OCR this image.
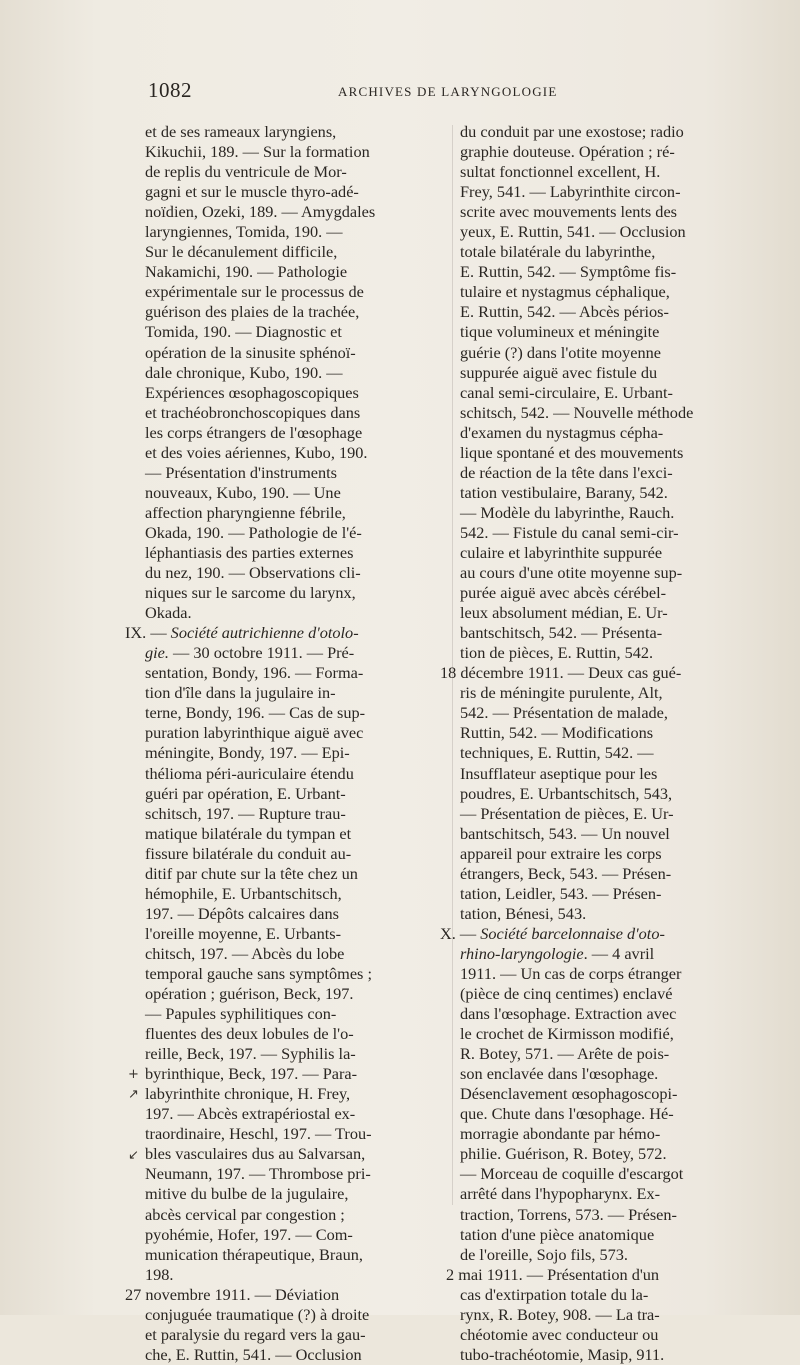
1082	ARCHIVES DE LARYNGOLOGIE
et de ses rameaux laryngiens,
Kikuchii, 189. — Sur la formation
de replis du ventricule de Mor-
gagni et sur le muscle thyro-adé-
noïdien, Ozeki, 189. — Amygdales
laryngiennes, Tomida, 190. —
Sur le décanulement difficile,
Nakamichi, 190. — Pathologie
expérimentale sur le processus de
guérison des plaies de la trachée,
Tomida, 190. — Diagnostic et
opération de la sinusite sphénoï-
dale chronique, Kubo, 190. —
Expériences œsophagoscopiques
et trachéobronchoscopiques dans
les corps étrangers de l'œsophage
et des voies aériennes, Kubo, 190.
— Présentation d'instruments
nouveaux, Kubo, 190. — Une
affection pharyngienne fébrile,
Okada, 190. — Pathologie de l'é-
léphantiasis des parties externes
du nez, 190. — Observations cli-
niques sur le sarcome du larynx,
Okada.
IX. — Société autrichienne d'otolo-
gie. — 30 octobre 1911. — Pré-
sentation, Bondy, 196. — Forma-
tion d'île dans la jugulaire in-
terne, Bondy, 196. — Cas de sup-
puration labyrinthique aiguë avec
méningite, Bondy, 197. — Epi-
thélioma péri-auriculaire étendu
guéri par opération, E. Urbant-
schitsch, 197. — Rupture trau-
matique bilatérale du tympan et
fissure bilatérale du conduit au-
ditif par chute sur la tête chez un
hémophile, E. Urbantschitsch,
197. — Dépôts calcaires dans
l'oreille moyenne, E. Urbants-
chitsch, 197. — Abcès du lobe
temporal gauche sans symptômes ;
opération ; guérison, Beck, 197.
— Papules syphilitiques con-
fluentes des deux lobules de l'o-
reille, Beck, 197. — Syphilis la-
byrinthique, Beck, 197. — Para-
labyrinthite chronique, H. Frey,
197. — Abcès extrapériostal ex-
traordinaire, Heschl, 197. — Trou-
bles vasculaires dus au Salvarsan,
Neumann, 197. — Thrombose pri-
mitive du bulbe de la jugulaire,
abcès cervical par congestion ;
pyohémie, Hofer, 197. — Com-
munication thérapeutique, Braun,
198.
27 novembre 1911. — Déviation
conjuguée traumatique (?) à droite
et paralysie du regard vers la gau-
che, E. Ruttin, 541. — Occlusion
du conduit par une exostose; radio
graphie douteuse. Opération ; ré-
sultat fonctionnel excellent, H.
Frey, 541. — Labyrinthite circon-
scrite avec mouvements lents des
yeux, E. Ruttin, 541. — Occlusion
totale bilatérale du labyrinthe,
E. Ruttin, 542. — Symptôme fis-
tulaire et nystagmus céphalique,
E. Ruttin, 542. — Abcès périos-
tique volumineux et méningite
guérie (?) dans l'otite moyenne
suppurée aiguë avec fistule du
canal semi-circulaire, E. Urbant-
schitsch, 542. — Nouvelle méthode
d'examen du nystagmus cépha-
lique spontané et des mouvements
de réaction de la tête dans l'exci-
tation vestibulaire, Barany, 542.
— Modèle du labyrinthe, Rauch.
542. — Fistule du canal semi-cir-
culaire et labyrinthite suppurée
au cours d'une otite moyenne sup-
purée aiguë avec abcès cérébel-
leux absolument médian, E. Ur-
bantschitsch, 542. — Présenta-
tion de pièces, E. Ruttin, 542.
18 décembre 1911. — Deux cas gué-
ris de méningite purulente, Alt,
542. — Présentation de malade,
Ruttin, 542. — Modifications
techniques, E. Ruttin, 542. —
Insufflateur aseptique pour les
poudres, E. Urbantschitsch, 543,
— Présentation de pièces, E. Ur-
bantschitsch, 543. — Un nouvel
appareil pour extraire les corps
étrangers, Beck, 543. — Présen-
tation, Leidler, 543. — Présen-
tation, Bénesi, 543.
X. — Société barcelonnaise d'oto-
rhino-laryngologie. — 4 avril
1911. — Un cas de corps étranger
(pièce de cinq centimes) enclavé
dans l'œsophage. Extraction avec
le crochet de Kirmisson modifié,
R. Botey, 571. — Arête de pois-
son enclavée dans l'œsophage.
Désenclavement œsophagoscopi-
que. Chute dans l'œsophage. Hé-
morragie abondante par hémo-
philie. Guérison, R. Botey, 572.
— Morceau de coquille d'escargot
arrêté dans l'hypopharynx. Ex-
traction, Torrens, 573. — Présen-
tation d'une pièce anatomique
de l'oreille, Sojo fils, 573.
2 mai 1911. — Présentation d'un
cas d'extirpation totale du la-
rynx, R. Botey, 908. — La tra-
chéotomie avec conducteur ou
tubo-trachéotomie, Masip, 911.
+
↗
↙
